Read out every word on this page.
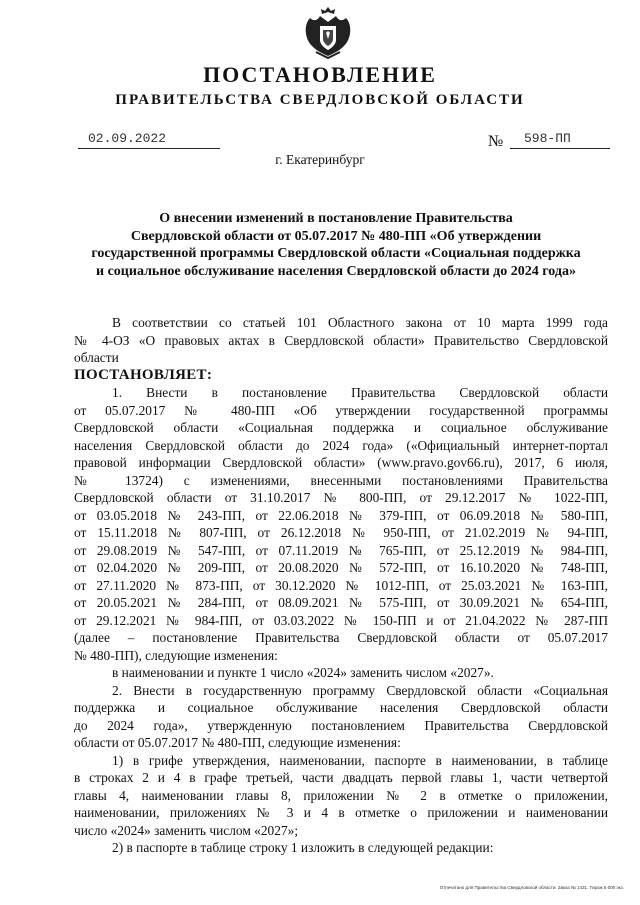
ПОСТАНОВЛЕНИЕ
ПРАВИТЕЛЬСТВА СВЕРДЛОВСКОЙ ОБЛАСТИ
02.09.2022	№ 598-ПП
г. Екатеринбург
О внесении изменений в постановление Правительства
Свердловской области от 05.07.2017 № 480-ПП «Об утверждении
государственной программы Свердловской области «Социальная поддержка
и социальное обслуживание населения Свердловской области до 2024 года»
В соответствии со статьей 101 Областного закона от 10 марта 1999 года
№ 4-ОЗ «О правовых актах в Свердловской области» Правительство Свердловской
области
ПОСТАНОВЛЯЕТ:
1. Внести в постановление Правительства Свердловской области
от 05.07.2017 № 480-ПП «Об утверждении государственной программы
Свердловской области «Социальная поддержка и социальное обслуживание
населения Свердловской области до 2024 года» («Официальный интернет-портал
правовой информации Свердловской области» (www.pravo.gov66.ru), 2017, 6 июля,
№ 13724) с изменениями, внесенными постановлениями Правительства
Свердловской области от 31.10.2017 № 800-ПП, от 29.12.2017 № 1022-ПП,
от 03.05.2018 № 243-ПП, от 22.06.2018 № 379-ПП, от 06.09.2018 № 580-ПП,
от 15.11.2018 № 807-ПП, от 26.12.2018 № 950-ПП, от 21.02.2019 № 94-ПП,
от 29.08.2019 № 547-ПП, от 07.11.2019 № 765-ПП, от 25.12.2019 № 984-ПП,
от 02.04.2020 № 209-ПП, от 20.08.2020 № 572-ПП, от 16.10.2020 № 748-ПП,
от 27.11.2020 № 873-ПП, от 30.12.2020 № 1012-ПП, от 25.03.2021 № 163-ПП,
от 20.05.2021 № 284-ПП, от 08.09.2021 № 575-ПП, от 30.09.2021 № 654-ПП,
от 29.12.2021 № 984-ПП, от 03.03.2022 № 150-ПП и от 21.04.2022 № 287-ПП
(далее – постановление Правительства Свердловской области от 05.07.2017
№ 480-ПП), следующие изменения:
в наименовании и пункте 1 число «2024» заменить числом «2027».
2. Внести в государственную программу Свердловской области «Социальная
поддержка и социальное обслуживание населения Свердловской области
до 2024 года», утвержденную постановлением Правительства Свердловской
области от 05.07.2017 № 480-ПП, следующие изменения:
1) в грифе утверждения, наименовании, паспорте в наименовании, в таблице
в строках 2 и 4 в графе третьей, части двадцать первой главы 1, части четвертой
главы 4, наименовании главы 8, приложении № 2 в отметке о приложении,
наименовании, приложениях № 3 и 4 в отметке о приложении и наименовании
число «2024» заменить числом «2027»;
2) в паспорте в таблице строку 1 изложить в следующей редакции:
Отпечатано для Правительства Свердловской области. Заказ № 1431. Тираж 5 000 экз.
